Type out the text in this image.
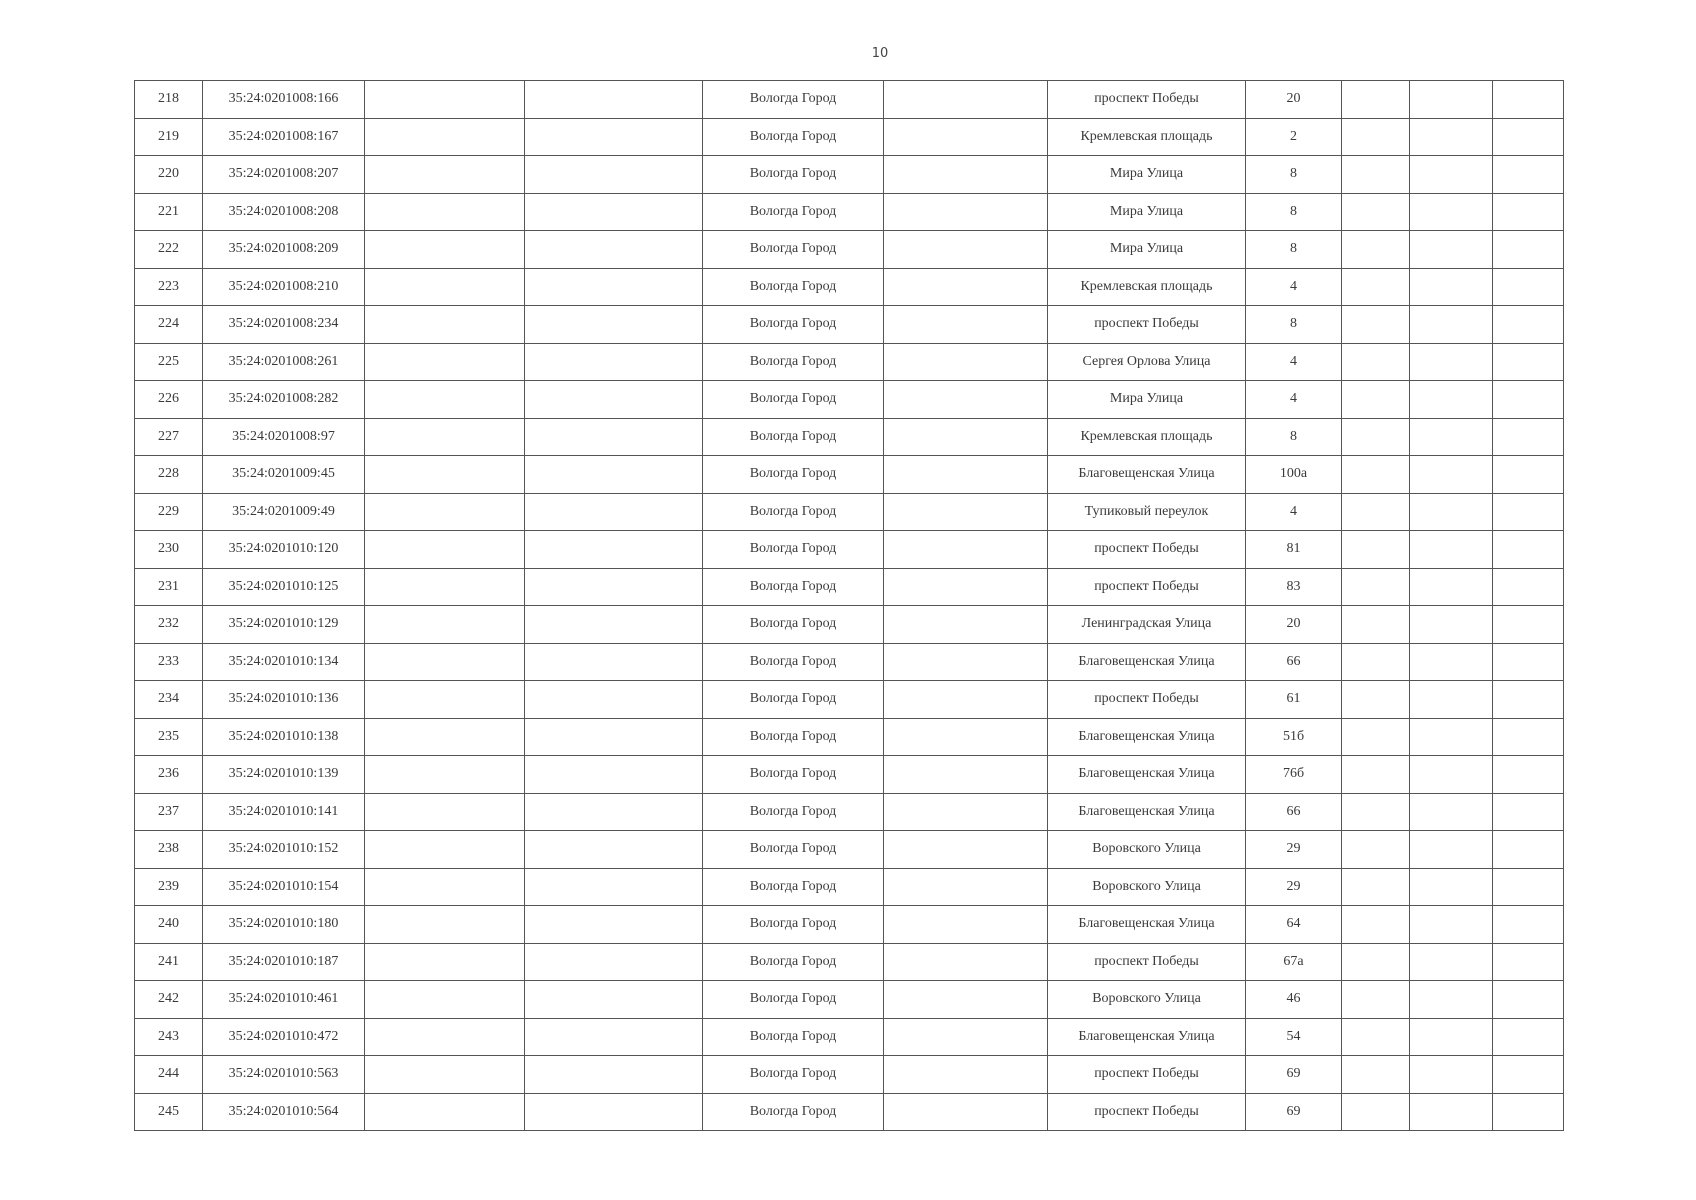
10
218	35:24:0201008:166			Вологда Город		проспект Победы	20			
219	35:24:0201008:167			Вологда Город		Кремлевская площадь	2			
220	35:24:0201008:207			Вологда Город		Мира Улица	8			
221	35:24:0201008:208			Вологда Город		Мира Улица	8			
222	35:24:0201008:209			Вологда Город		Мира Улица	8			
223	35:24:0201008:210			Вологда Город		Кремлевская площадь	4			
224	35:24:0201008:234			Вологда Город		проспект Победы	8			
225	35:24:0201008:261			Вологда Город		Сергея Орлова Улица	4			
226	35:24:0201008:282			Вологда Город		Мира Улица	4			
227	35:24:0201008:97			Вологда Город		Кремлевская площадь	8			
228	35:24:0201009:45			Вологда Город		Благовещенская Улица	100а			
229	35:24:0201009:49			Вологда Город		Тупиковый переулок	4			
230	35:24:0201010:120			Вологда Город		проспект Победы	81			
231	35:24:0201010:125			Вологда Город		проспект Победы	83			
232	35:24:0201010:129			Вологда Город		Ленинградская Улица	20			
233	35:24:0201010:134			Вологда Город		Благовещенская Улица	66			
234	35:24:0201010:136			Вологда Город		проспект Победы	61			
235	35:24:0201010:138			Вологда Город		Благовещенская Улица	51б			
236	35:24:0201010:139			Вологда Город		Благовещенская Улица	76б			
237	35:24:0201010:141			Вологда Город		Благовещенская Улица	66			
238	35:24:0201010:152			Вологда Город		Воровского Улица	29			
239	35:24:0201010:154			Вологда Город		Воровского Улица	29			
240	35:24:0201010:180			Вологда Город		Благовещенская Улица	64			
241	35:24:0201010:187			Вологда Город		проспект Победы	67а			
242	35:24:0201010:461			Вологда Город		Воровского Улица	46			
243	35:24:0201010:472			Вологда Город		Благовещенская Улица	54			
244	35:24:0201010:563			Вологда Город		проспект Победы	69			
245	35:24:0201010:564			Вологда Город		проспект Победы	69			
